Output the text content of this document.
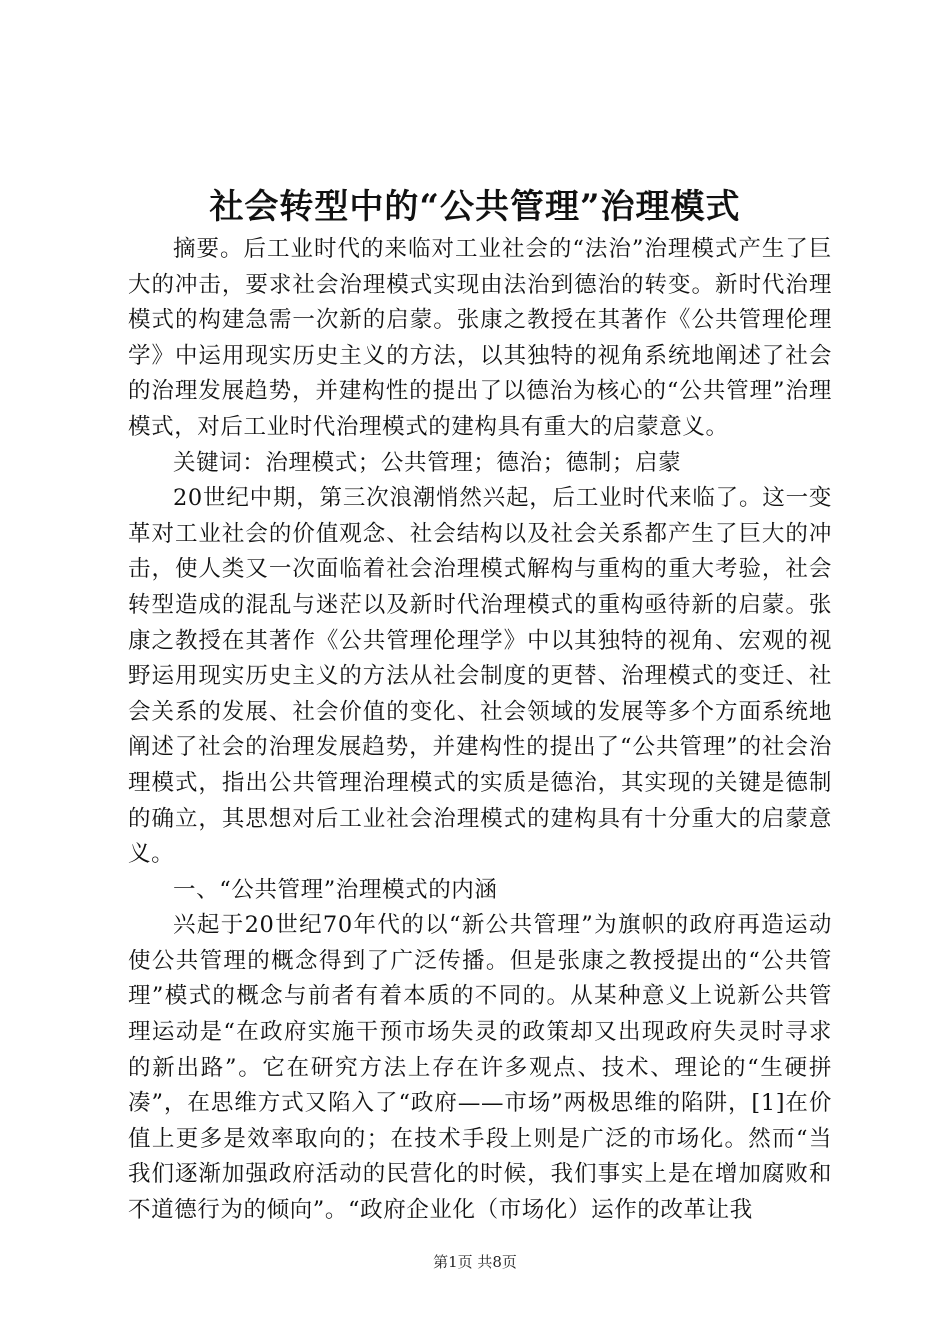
社会转型中的“公共管理”治理模式

摘要。后工业时代的来临对工业社会的“法治”治理模式产生了巨大的冲击，要求社会治理模式实现由法治到德治的转变。新时代治理模式的构建急需一次新的启蒙。张康之教授在其著作《公共管理伦理学》中运用现实历史主义的方法，以其独特的视角系统地阐述了社会的治理发展趋势，并建构性的提出了以德治为核心的“公共管理”治理模式，对后工业时代治理模式的建构具有重大的启蒙意义。

关键词：治理模式；公共管理；德治；德制；启蒙

20世纪中期，第三次浪潮悄然兴起，后工业时代来临了。这一变革对工业社会的价值观念、社会结构以及社会关系都产生了巨大的冲击，使人类又一次面临着社会治理模式解构与重构的重大考验，社会转型造成的混乱与迷茫以及新时代治理模式的重构亟待新的启蒙。张康之教授在其著作《公共管理伦理学》中以其独特的视角、宏观的视野运用现实历史主义的方法从社会制度的更替、治理模式的变迁、社会关系的发展、社会价值的变化、社会领域的发展等多个方面系统地阐述了社会的治理发展趋势，并建构性的提出了“公共管理”的社会治理模式，指出公共管理治理模式的实质是德治，其实现的关键是德制的确立，其思想对后工业社会治理模式的建构具有十分重大的启蒙意义。

一、“公共管理”治理模式的内涵

兴起于20世纪70年代的以“新公共管理”为旗帜的政府再造运动使公共管理的概念得到了广泛传播。但是张康之教授提出的“公共管理”模式的概念与前者有着本质的不同的。从某种意义上说新公共管理运动是“在政府实施干预市场失灵的政策却又出现政府失灵时寻求的新出路”。它在研究方法上存在许多观点、技术、理论的“生硬拼凑”，在思维方式又陷入了“政府——市场”两极思维的陷阱，[1]在价值上更多是效率取向的；在技术手段上则是广泛的市场化。然而“当我们逐渐加强政府活动的民营化的时候，我们事实上是在增加腐败和不道德行为的倾向”。“政府企业化（市场化）运作的改革让我

第1页 共8页
